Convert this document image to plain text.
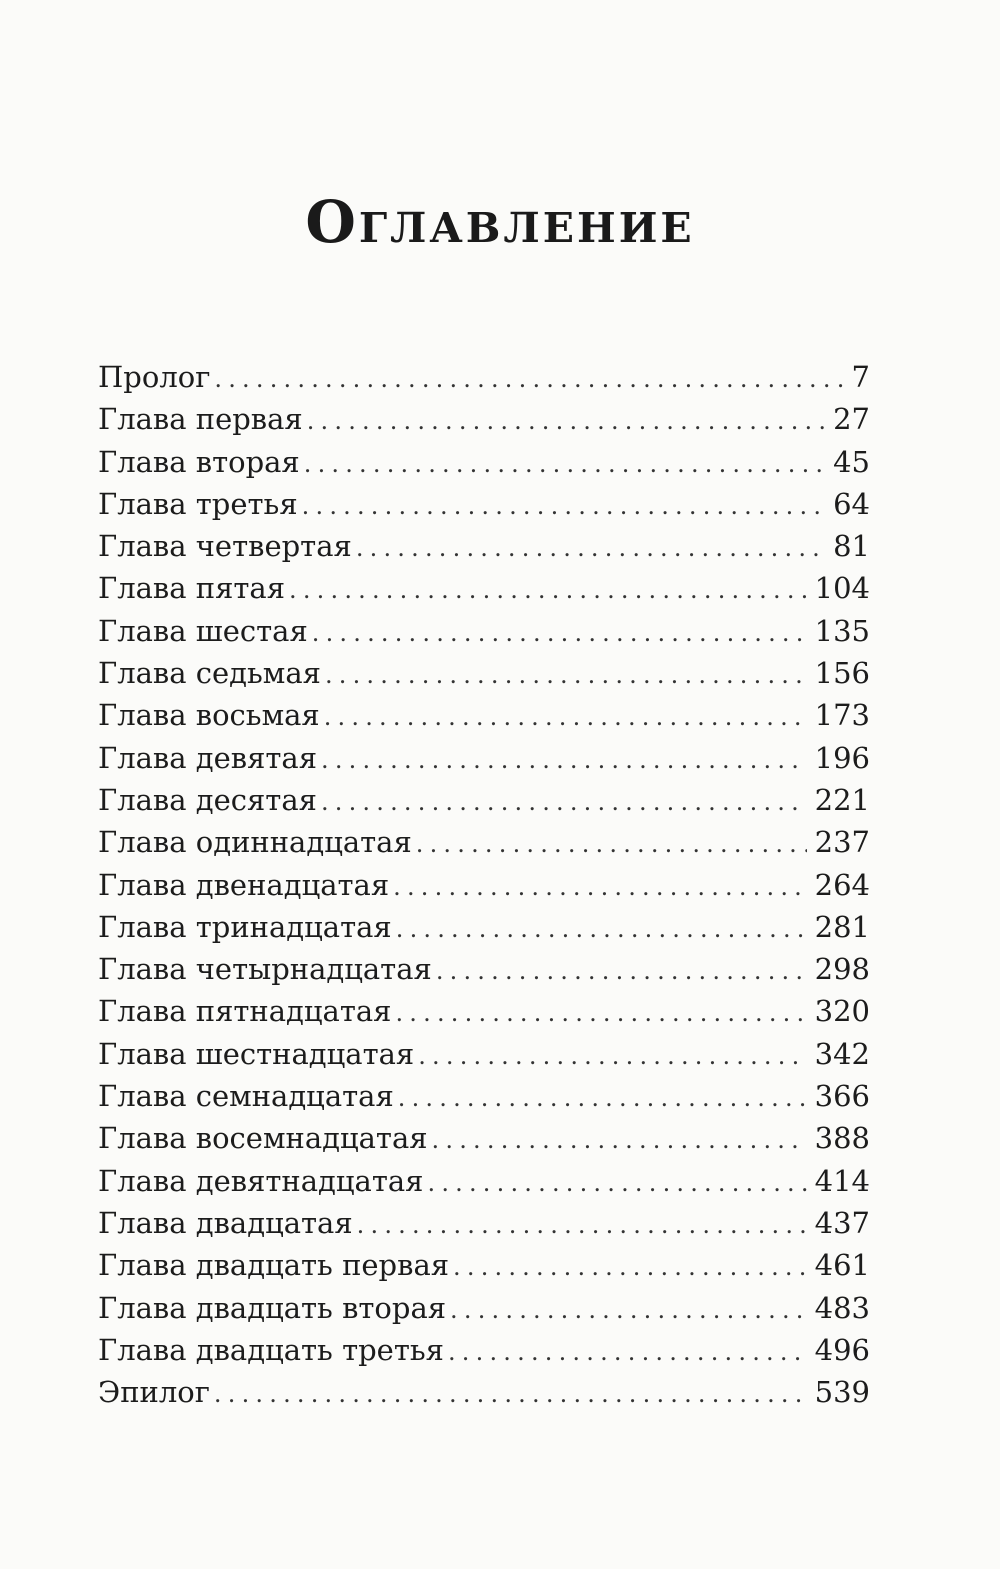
Оглавление
Пролог .....	7
Глава первая .....	27
Глава вторая .....	45
Глава третья .....	64
Глава четвертая .....	81
Глава пятая .....	104
Глава шестая .....	135
Глава седьмая .....	156
Глава восьмая .....	173
Глава девятая .....	196
Глава десятая .....	221
Глава одиннадцатая .....	237
Глава двенадцатая .....	264
Глава тринадцатая .....	281
Глава четырнадцатая .....	298
Глава пятнадцатая .....	320
Глава шестнадцатая .....	342
Глава семнадцатая .....	366
Глава восемнадцатая .....	388
Глава девятнадцатая .....	414
Глава двадцатая .....	437
Глава двадцать первая .....	461
Глава двадцать вторая .....	483
Глава двадцать третья .....	496
Эпилог .....	539
